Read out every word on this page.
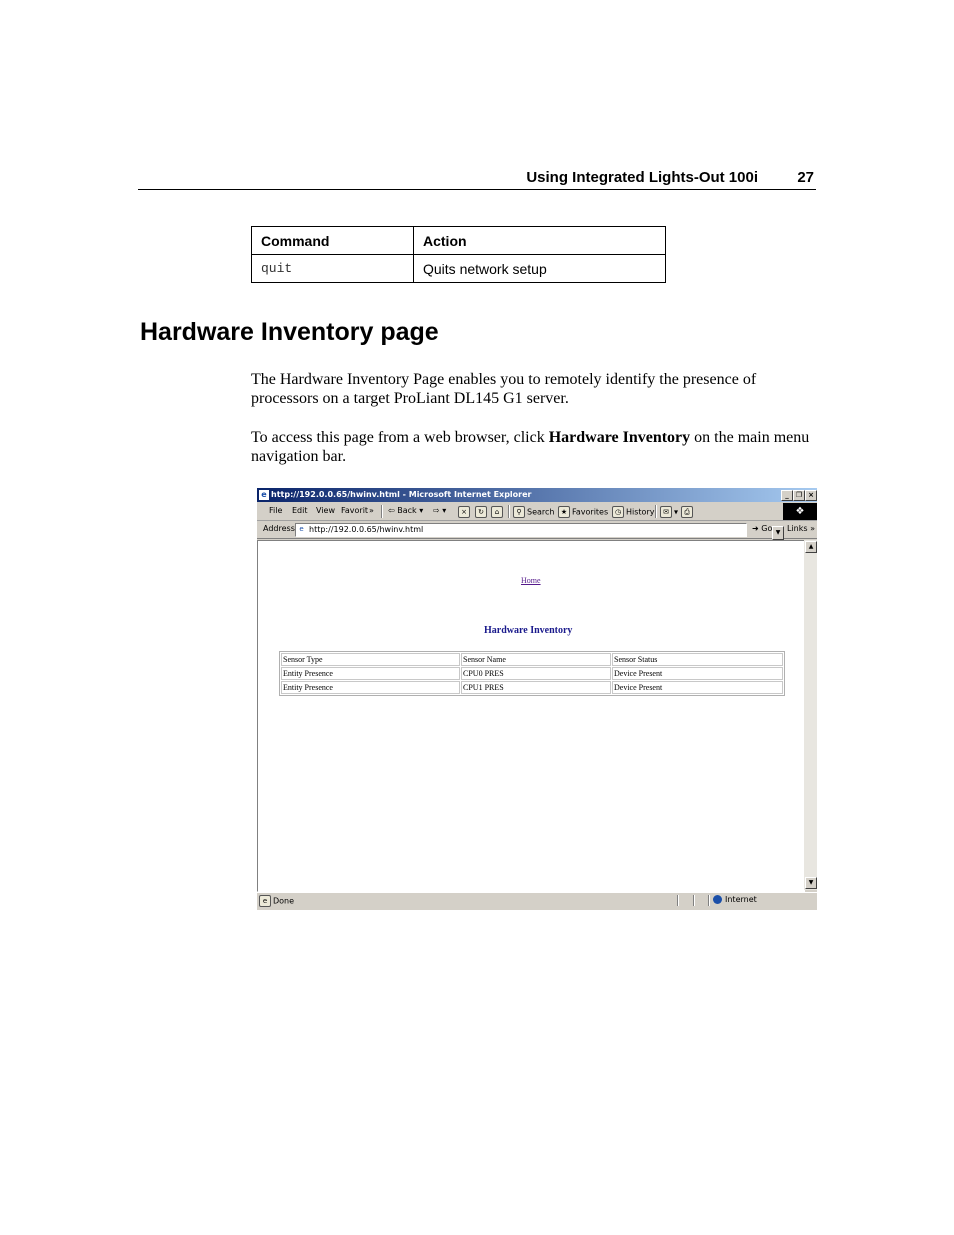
Using Integrated Lights-Out 100i	27
Command	Action
quit	Quits network setup
Hardware Inventory page

The Hardware Inventory Page enables you to remotely identify the presence of processors on a target ProLiant DL145 G1 server.

To access this page from a web browser, click Hardware Inventory on the main menu navigation bar.

e http://192.0.0.65/hwinv.html - Microsoft Internet Explorer	_	❐ ×
File Edit View Favorit » ⇦ Back ▾ ⇨ ▾	×	↻	⌂	⚲ Search ★ Favorites ◷ History	✉ ▾ ⎙	❖
Address e http://192.0.0.65/hwinv.html	▼
➜ Go Links »
Home
Hardware Inventory
Sensor Type	Sensor Name	Sensor Status
Entity Presence	CPU0 PRES	Device Present
Entity Presence	CPU1 PRES	Device Present
▲
▼
e Done	Internet
